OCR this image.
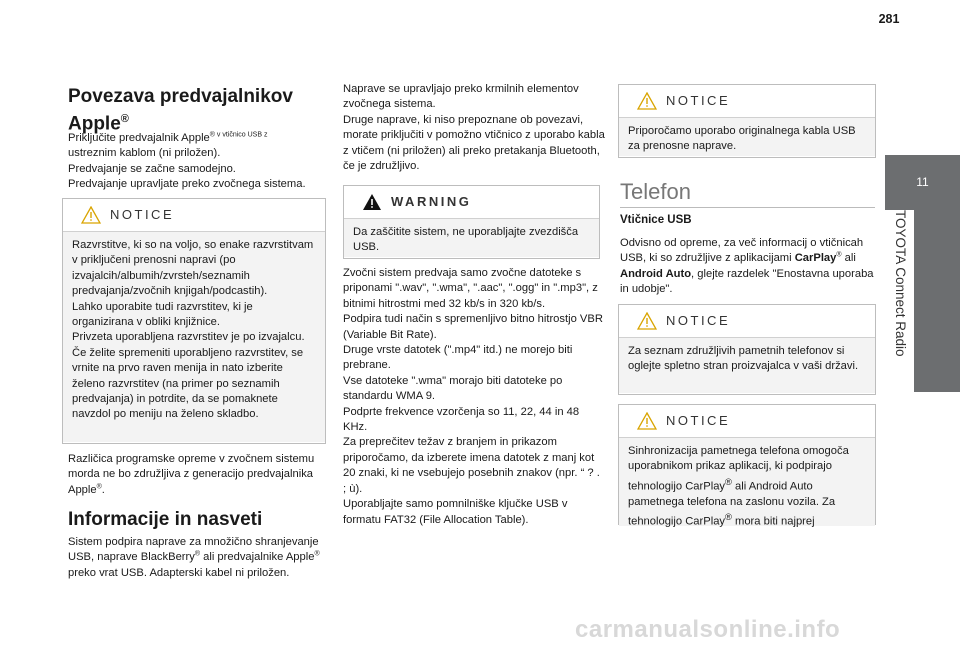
281
11
TOYOTA Connect Radio
Povezava predvajalnikov Apple®
Priključite predvajalnik Apple$^{® v vtičnico USB z}$
ustreznim kablom (ni priložen).
Predvajanje se začne samodejno.
Predvajanje upravljate preko zvočnega sistema.
NOTICE
Razvrstitve, ki so na voljo, so enake razvrstitvam v priključeni prenosni napravi (po izvajalcih/albumih/zvrsteh/seznamih predvajanja/zvočnih knjigah/podcastih).
Lahko uporabite tudi razvrstitev, ki je organizirana v obliki knjižnice.
Privzeta uporabljena razvrstitev je po izvajalcu. Če želite spremeniti uporabljeno razvrstitev, se vrnite na prvo raven menija in nato izberite želeno razvrstitev (na primer po seznamih predvajanja) in potrdite, da se pomaknete navzdol po meniju na želeno skladbo.
Različica programske opreme v zvočnem sistemu morda ne bo združljiva z generacijo predvajalnika Apple®.
Informacije in nasveti
Sistem podpira naprave za množično shranjevanje USB, naprave BlackBerry® ali predvajalnike Apple® preko vrat USB. Adapterski kabel ni priložen.
Naprave se upravljajo preko krmilnih elementov zvočnega sistema.
Druge naprave, ki niso prepoznane ob povezavi, morate priključiti v pomožno vtičnico z uporabo kabla z vtičem (ni priložen) ali preko pretakanja Bluetooth, če je združljivo.
WARNING
Da zaščitite sistem, ne uporabljajte zvezdišča USB.
Zvočni sistem predvaja samo zvočne datoteke s priponami ".wav", ".wma", ".aac", ".ogg" in ".mp3", z bitnimi hitrostmi med 32 kb/s in 320 kb/s.
Podpira tudi način s spremenljivo bitno hitrostjo VBR (Variable Bit Rate).
Druge vrste datotek (".mp4" itd.) ne morejo biti prebrane.
Vse datoteke ".wma" morajo biti datoteke po standardu WMA 9.
Podprte frekvence vzorčenja so 11, 22, 44 in 48 KHz.
Za preprečitev težav z branjem in prikazom priporočamo, da izberete imena datotek z manj kot 20 znaki, ki ne vsebujejo posebnih znakov (npr. “ ? . ; ù).
Uporabljajte samo pomnilniške ključke USB v formatu FAT32 (File Allocation Table).
NOTICE
Priporočamo uporabo originalnega kabla USB za prenosne naprave.
Telefon
Vtičnice USB
Odvisno od opreme, za več informacij o vtičnicah USB, ki so združljive z aplikacijami CarPlay® ali Android Auto, glejte razdelek "Enostavna uporaba in udobje".
NOTICE
Za seznam združljivih pametnih telefonov si oglejte spletno stran proizvajalca v vaši državi.
NOTICE
Sinhronizacija pametnega telefona omogoča uporabnikom prikaz aplikacij, ki podpirajo tehnologijo CarPlay® ali Android Auto pametnega telefona na zaslonu vozila. Za tehnologijo CarPlay® mora biti najprej
carmanualsonline.info
